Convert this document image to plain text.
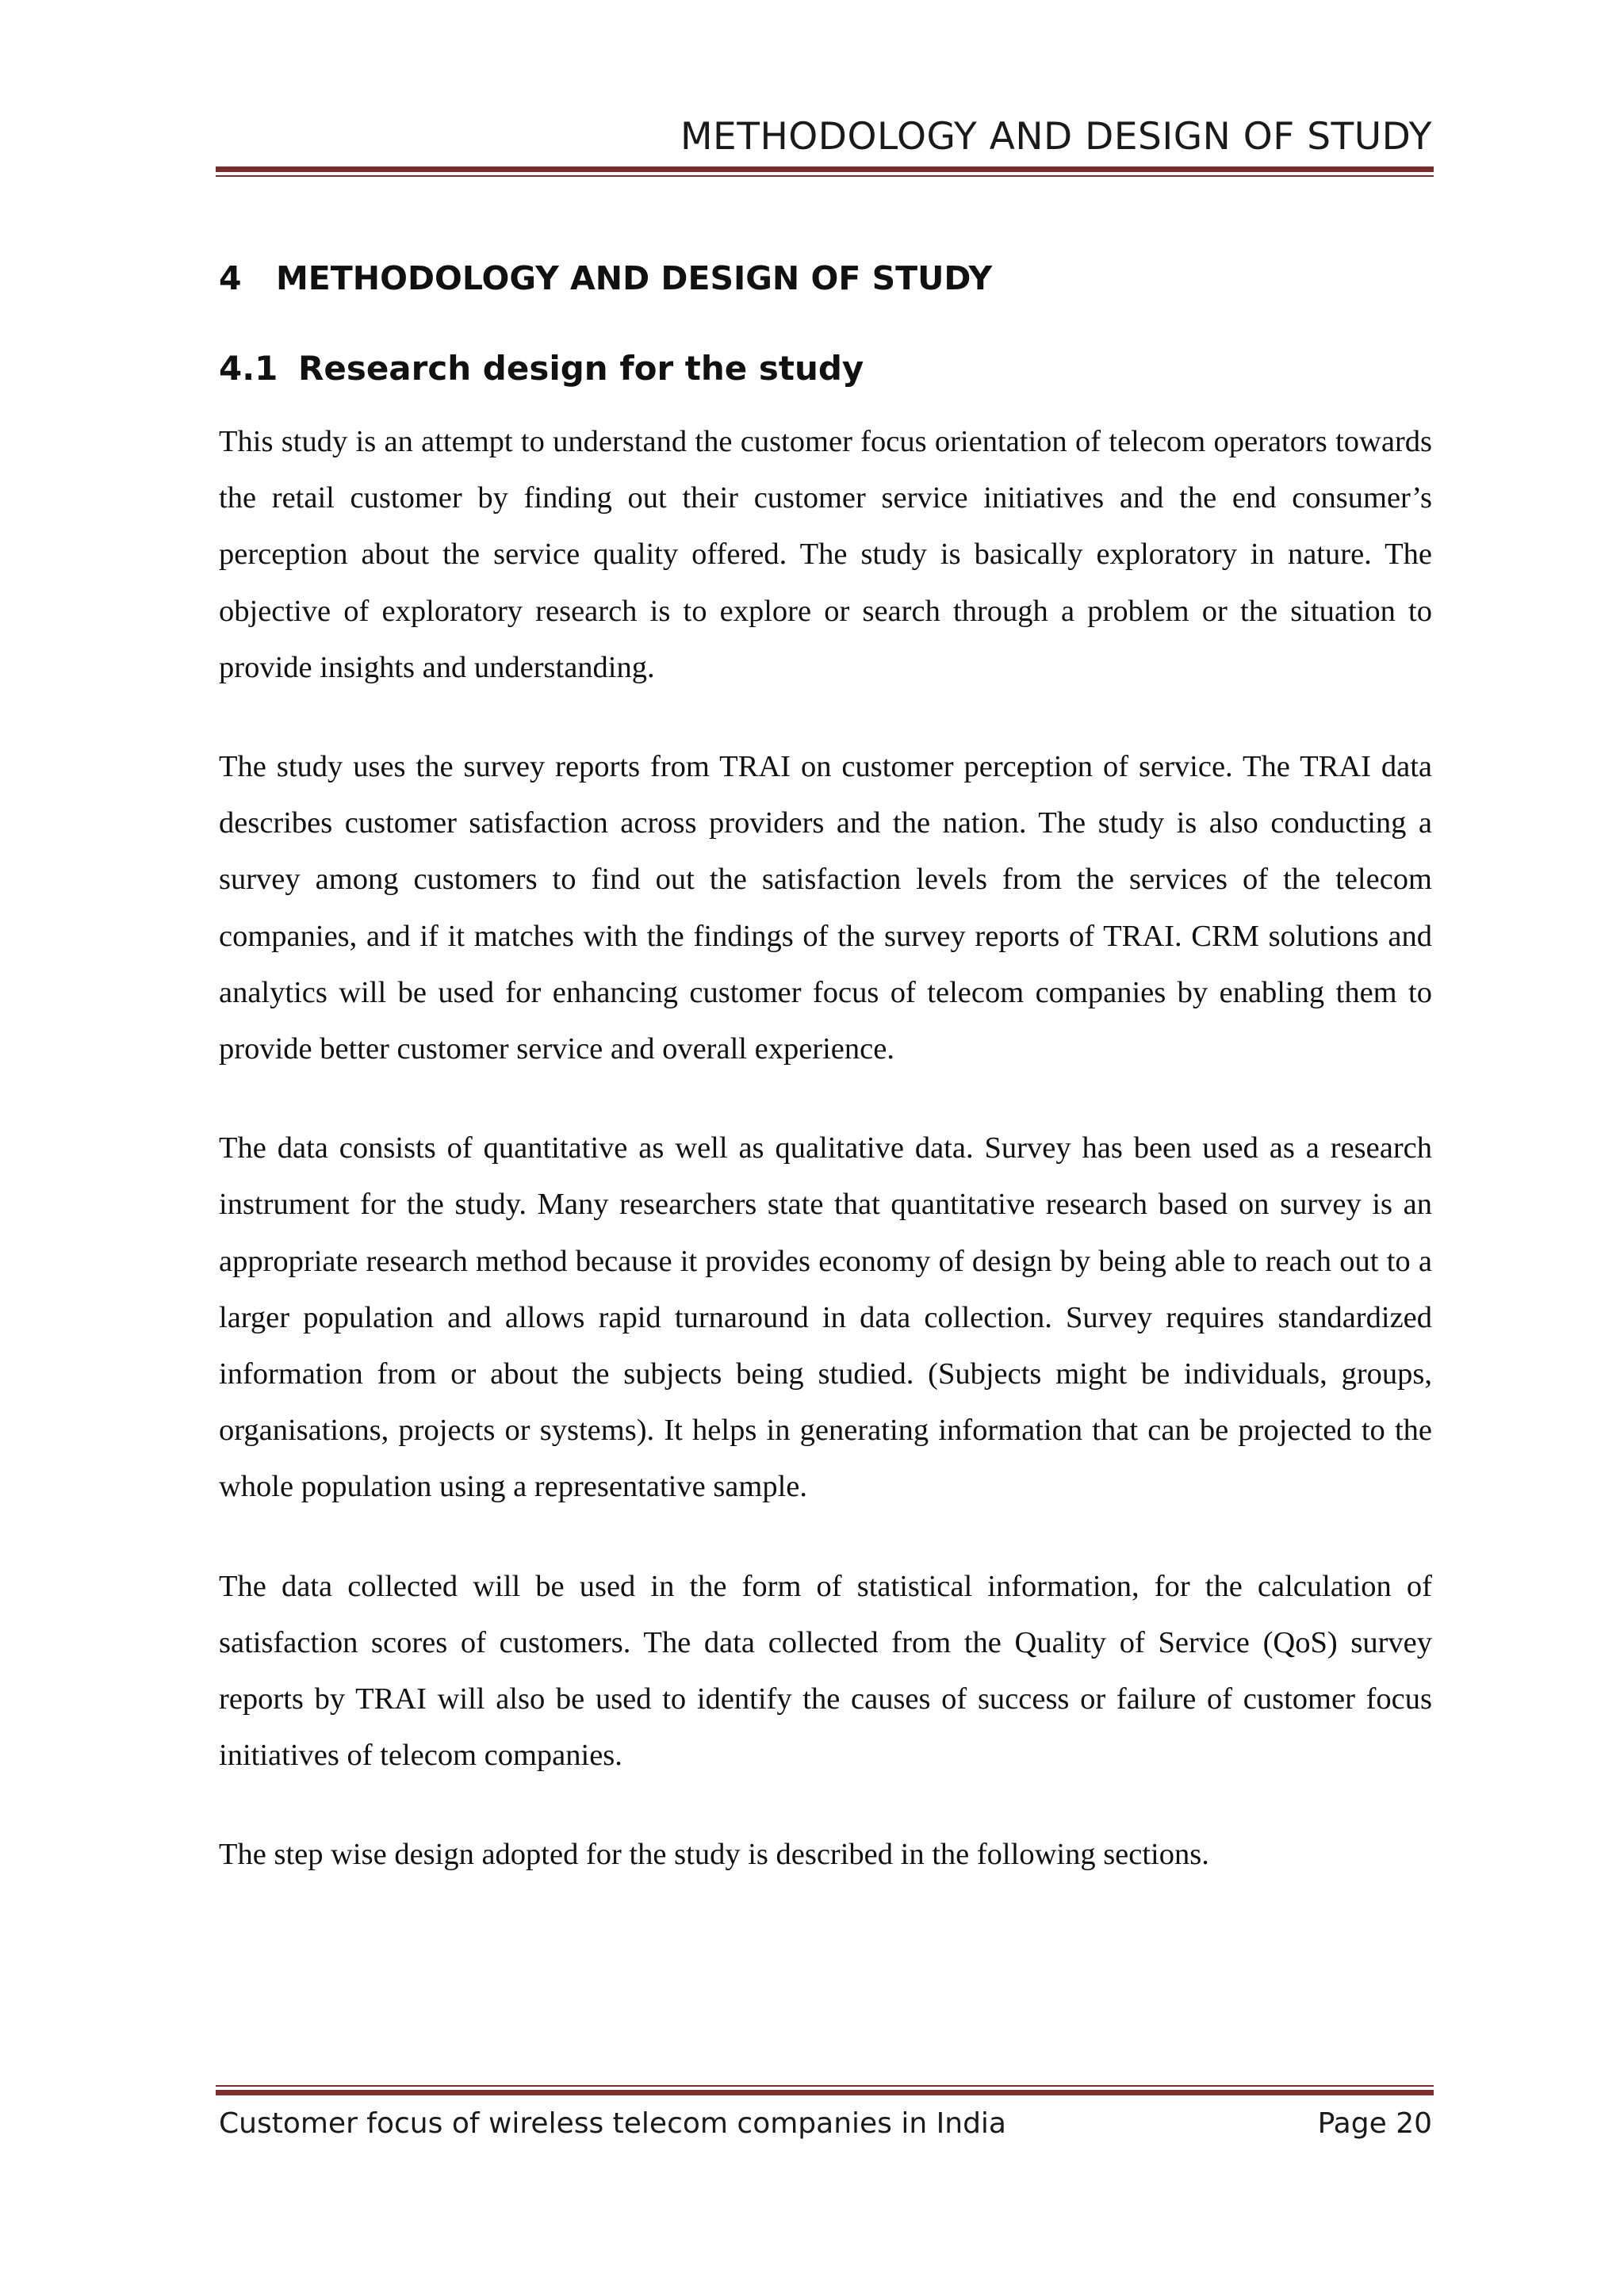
METHODOLOGY AND DESIGN OF STUDY
4	METHODOLOGY AND DESIGN OF STUDY
4.1 Research design for the study

This study is an attempt to understand the customer focus orientation of telecom operators towards the retail customer by finding out their customer service initiatives and the end consumer’s perception about the service quality offered. The study is basically exploratory in nature. The objective of exploratory research is to explore or search through a problem or the situation to provide insights and understanding.

The study uses the survey reports from TRAI on customer perception of service. The TRAI data describes customer satisfaction across providers and the nation. The study is also conducting a survey among customers to find out the satisfaction levels from the services of the telecom companies, and if it matches with the findings of the survey reports of TRAI. CRM solutions and analytics will be used for enhancing customer focus of telecom companies by enabling them to provide better customer service and overall experience.

The data consists of quantitative as well as qualitative data. Survey has been used as a research instrument for the study. Many researchers state that quantitative research based on survey is an appropriate research method because it provides economy of design by being able to reach out to a larger population and allows rapid turnaround in data collection. Survey requires standardized information from or about the subjects being studied. (Subjects might be individuals, groups, organisations, projects or systems). It helps in generating information that can be projected to the whole population using a representative sample.

The data collected will be used in the form of statistical information, for the calculation of satisfaction scores of customers. The data collected from the Quality of Service (QoS) survey reports by TRAI will also be used to identify the causes of success or failure of customer focus initiatives of telecom companies.

The step wise design adopted for the study is described in the following sections.

Customer focus of wireless telecom companies in India	Page 20
